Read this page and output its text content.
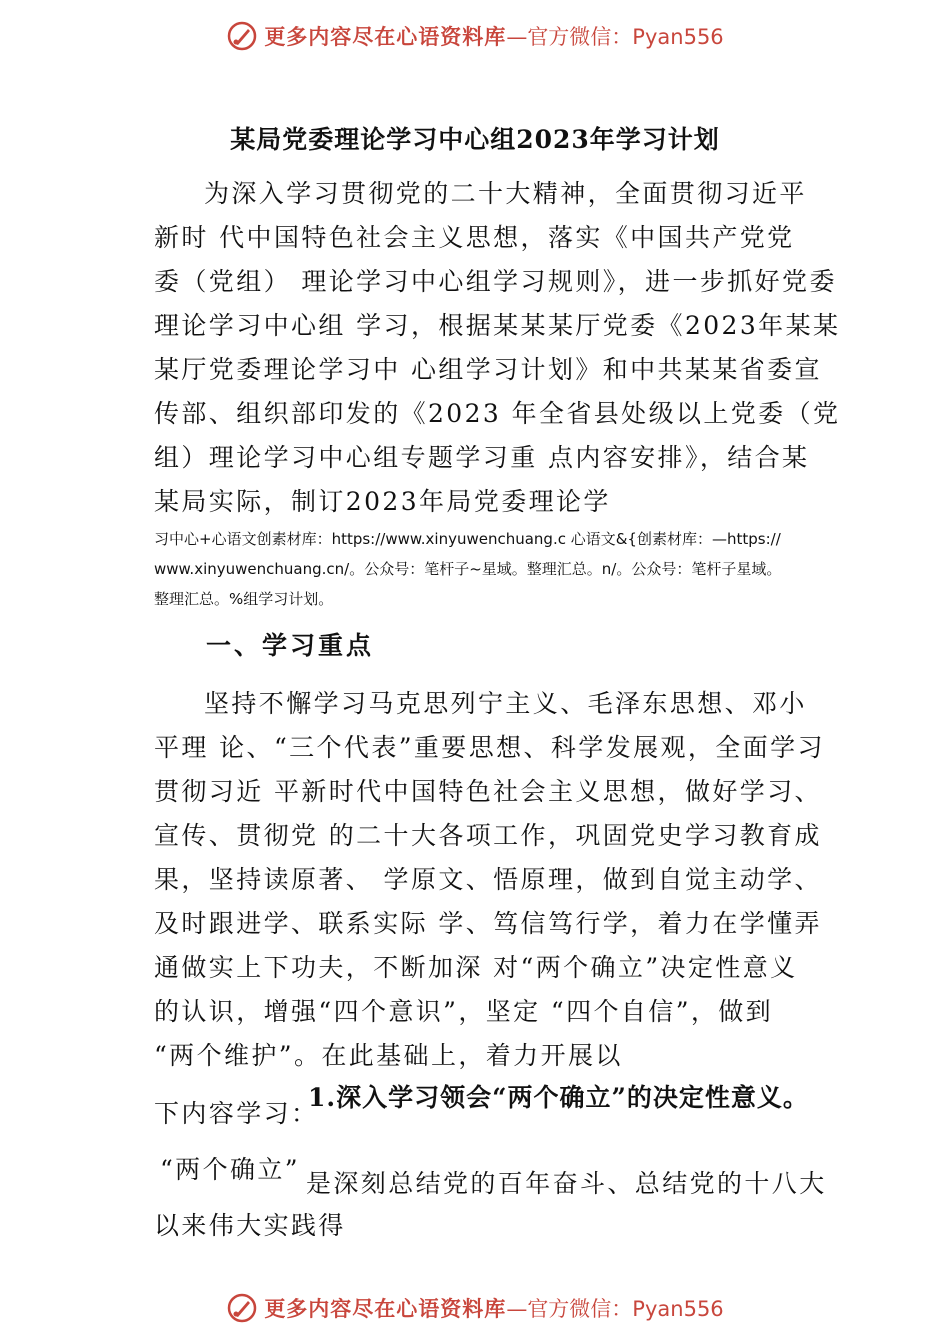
更多内容尽在心语资料库 —官方微信：Pyan556
某局党委理论学习中心组2023年学习计划
为深入学习贯彻党的二十大精神，全面贯彻习近平
新时 代中国特色社会主义思想，落实《中国共产党党
委（党组） 理论学习中心组学习规则》，进一步抓好党委
理论学习中心组 学习，根据某某某厅党委《2023年某某
某厅党委理论学习中 心组学习计划》和中共某某省委宣
传部、组织部印发的《2023 年全省县处级以上党委（党
组）理论学习中心组专题学习重 点内容安排》，结合某
某局实际，制订2023年局党委理论学
习中心+心语文创素材库：https://www.xinyuwenchuang.c 心语文&{创素材库：—https://
www.xinyuwenchuang.cn/。公众号：笔杆子~星域。整理汇总。n/。公众号：笔杆子星域。
整理汇总。%组学习计划。
一、学习重点
坚持不懈学习马克思列宁主义、毛泽东思想、邓小
平理 论、“三个代表”重要思想、科学发展观，全面学习
贯彻习近 平新时代中国特色社会主义思想，做好学习、
宣传、贯彻党 的二十大各项工作，巩固党史学习教育成
果，坚持读原著、 学原文、悟原理，做到自觉主动学、
及时跟进学、联系实际 学、笃信笃行学，着力在学懂弄
通做实上下功夫，不断加深 对“两个确立”决定性意义
的认识，增强“四个意识”，坚定 “四个自信”，做到
“两个维护”。在此基础上，着力开展以
下内容学习：
1.深入学习领会“两个确立”的决定性意义。
“两个确立” 是深刻总结党的百年奋斗、总结党的十八大
以来伟大实践得
更多内容尽在心语资料库 —官方微信：Pyan556
